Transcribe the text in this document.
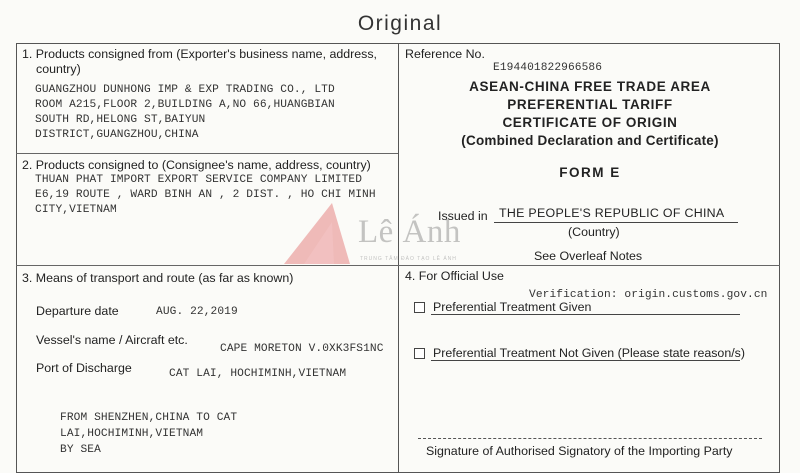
Original
1. Products consigned from (Exporter's business name, address,
country)
GUANGZHOU DUNHONG IMP & EXP TRADING CO., LTD
ROOM A215,FLOOR 2,BUILDING A,NO 66,HUANGBIAN
SOUTH RD,HELONG ST,BAIYUN
DISTRICT,GUANGZHOU,CHINA
2. Products consigned to (Consignee's name, address, country)
THUAN PHAT IMPORT EXPORT SERVICE COMPANY LIMITED
E6,19 ROUTE , WARD BINH AN , 2 DIST. , HO CHI MINH
CITY,VIETNAM
Reference No.
E194401822966586
ASEAN-CHINA FREE TRADE AREA
PREFERENTIAL TARIFF
CERTIFICATE OF ORIGIN
(Combined Declaration and Certificate)
FORM E
Issued in THE PEOPLE'S REPUBLIC OF CHINA
(Country)
See Overleaf Notes
Lê Ánh
TRUNG TÂM ĐÀO TẠO LÊ ÁNH
3. Means of transport and route (as far as known)
Departure date	AUG. 22,2019
Vessel's name / Aircraft etc.
CAPE MORETON V.0XK3FS1NC
Port of Discharge	CAT LAI, HOCHIMINH,VIETNAM
FROM SHENZHEN,CHINA TO CAT
LAI,HOCHIMINH,VIETNAM
BY SEA
4. For Official Use
Verification: origin.customs.gov.cn
Preferential Treatment Given
Preferential Treatment Not Given (Please state reason/s)
Signature of Authorised Signatory of the Importing Party
